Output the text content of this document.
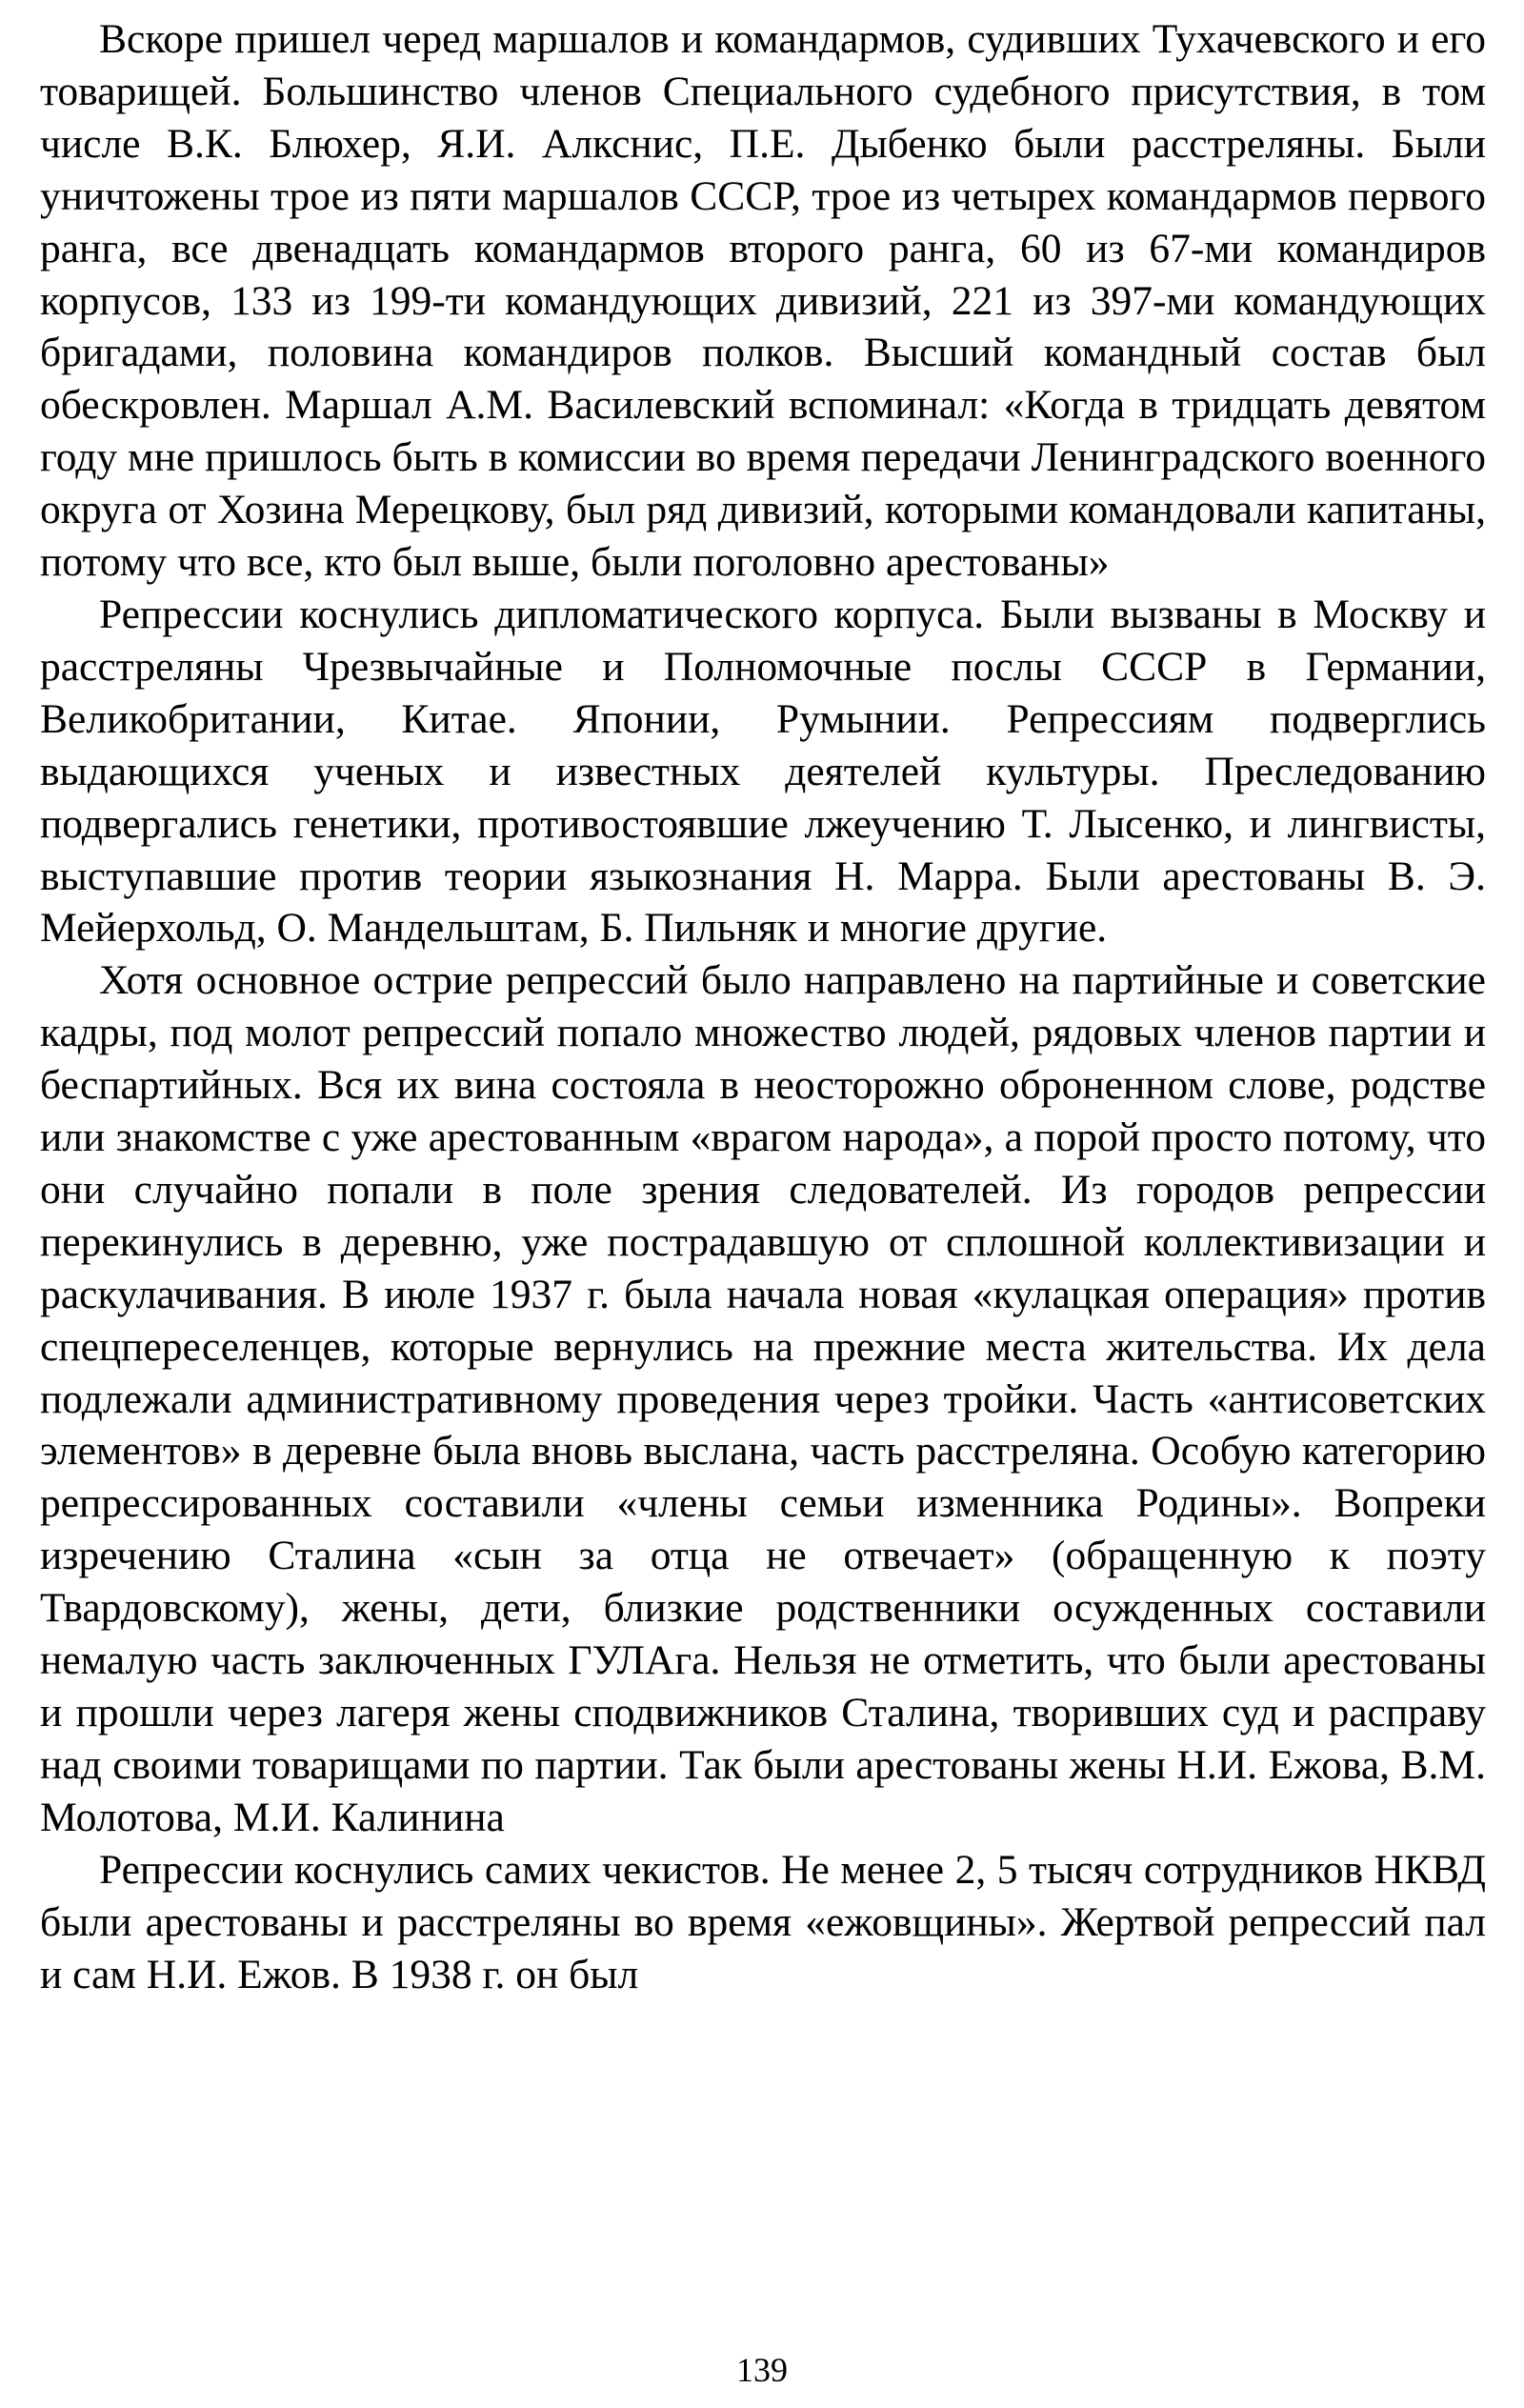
Вскоре пришел черед маршалов и командармов, судивших Тухачевского и его товарищей. Большинство членов Специального судебного присутствия, в том числе В.К. Блюхер, Я.И. Алкснис, П.Е. Дыбенко были расстреляны. Были уничтожены трое из пяти маршалов СССР, трое из четырех командармов первого ранга, все двенадцать командармов второго ранга, 60 из 67-ми командиров корпусов, 133 из 199-ти командующих дивизий, 221 из 397-ми командующих бригадами, половина командиров полков. Высший командный состав был обескровлен. Маршал А.М. Василевский вспоминал: «Когда в тридцать девятом году мне пришлось быть в комиссии во время передачи Ленинградского военного округа от Хозина Мерецкову, был ряд дивизий, которыми командовали капитаны, потому что все, кто был выше, были поголовно арестованы»

Репрессии коснулись дипломатического корпуса. Были вызваны в Москву и расстреляны Чрезвычайные и Полномочные послы СССР в Германии, Великобритании, Китае. Японии, Румынии. Репрессиям подверглись выдающихся ученых и известных деятелей культуры. Преследованию подвергались генетики, противостоявшие лжеучению Т. Лысенко, и лингвисты, выступавшие против теории языкознания Н. Марра. Были арестованы В. Э. Мейерхольд, О. Мандельштам, Б. Пильняк и многие другие.

Хотя основное острие репрессий было направлено на партийные и советские кадры, под молот репрессий попало множество людей, рядовых членов партии и беспартийных. Вся их вина состояла в неосторожно оброненном слове, родстве или знакомстве с уже арестованным «врагом народа», а порой просто потому, что они случайно попали в поле зрения следователей. Из городов репрессии перекинулись в деревню, уже пострадавшую от сплошной коллективизации и раскулачивания. В июле 1937 г. была начала новая «кулацкая операция» против спецпереселенцев, которые вернулись на прежние места жительства. Их дела подлежали административному проведения через тройки. Часть «антисоветских элементов» в деревне была вновь выслана, часть расстреляна. Особую категорию репрессированных составили «члены семьи изменника Родины». Вопреки изречению Сталина «сын за отца не отвечает» (обращенную к поэту Твардовскому), жены, дети, близкие родственники осужденных составили немалую часть заключенных ГУЛАга. Нельзя не отметить, что были арестованы и прошли через лагеря жены сподвижников Сталина, творивших суд и расправу над своими товарищами по партии. Так были арестованы жены Н.И. Ежова, В.М. Молотова, М.И. Калинина

Репрессии коснулись самих чекистов. Не менее 2, 5 тысяч сотрудников НКВД были арестованы и расстреляны во время «ежовщины». Жертвой репрессий пал и сам Н.И. Ежов. В 1938 г. он был

139
